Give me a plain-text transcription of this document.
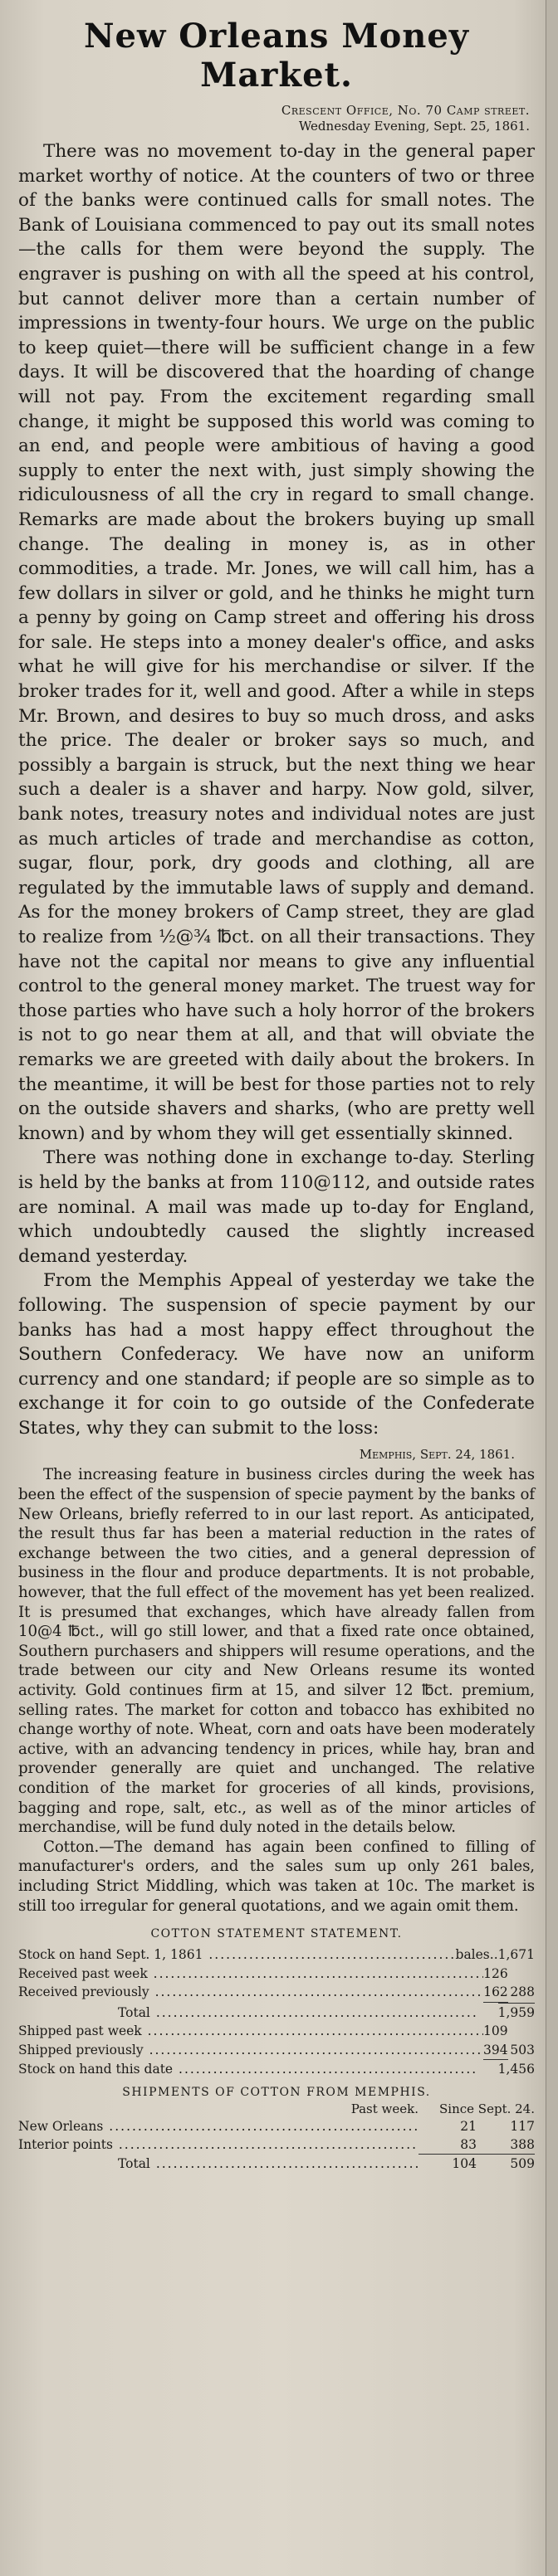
New Orleans Money Market.
Crescent Office, No. 70 Camp street.
Wednesday Evening, Sept. 25, 1861.

There was no movement to-day in the general paper market worthy of notice. At the counters of two or three of the banks were continued calls for small notes. The Bank of Louisiana commenced to pay out its small notes—the calls for them were beyond the supply. The engraver is pushing on with all the speed at his control, but cannot deliver more than a certain number of impressions in twenty-four hours. We urge on the public to keep quiet—there will be sufficient change in a few days. It will be discovered that the hoarding of change will not pay. From the excitement regarding small change, it might be supposed this world was coming to an end, and people were ambitious of having a good supply to enter the next with, just simply showing the ridiculousness of all the cry in regard to small change. Remarks are made about the brokers buying up small change. The dealing in money is, as in other commodities, a trade. Mr. Jones, we will call him, has a few dollars in silver or gold, and he thinks he might turn a penny by going on Camp street and offering his dross for sale. He steps into a money dealer's office, and asks what he will give for his merchandise or silver. If the broker trades for it, well and good. After a while in steps Mr. Brown, and desires to buy so much dross, and asks the price. The dealer or broker says so much, and possibly a bargain is struck, but the next thing we hear such a dealer is a shaver and harpy. Now gold, silver, bank notes, treasury notes and individual notes are just as much articles of trade and merchandise as cotton, sugar, flour, pork, dry goods and clothing, all are regulated by the immutable laws of supply and demand. As for the money brokers of Camp street, they are glad to realize from ½@¾ ℔ct. on all their transactions. They have not the capital nor means to give any influential control to the general money market. The truest way for those parties who have such a holy horror of the brokers is not to go near them at all, and that will obviate the remarks we are greeted with daily about the brokers. In the meantime, it will be best for those parties not to rely on the outside shavers and sharks, (who are pretty well known) and by whom they will get essentially skinned.

There was nothing done in exchange to-day. Sterling is held by the banks at from 110@112, and outside rates are nominal. A mail was made up to-day for England, which undoubtedly caused the slightly increased demand yesterday.

From the Memphis Appeal of yesterday we take the following. The suspension of specie payment by our banks has had a most happy effect throughout the Southern Confederacy. We have now an uniform currency and one standard; if people are so simple as to exchange it for coin to go outside of the Confederate States, why they can submit to the loss:

Memphis, Sept. 24, 1861.

The increasing feature in business circles during the week has been the effect of the suspension of specie payment by the banks of New Orleans, briefly referred to in our last report. As anticipated, the result thus far has been a material reduction in the rates of exchange between the two cities, and a general depression of business in the flour and produce departments. It is not probable, however, that the full effect of the movement has yet been realized. It is presumed that exchanges, which have already fallen from 10@4 ℔ct., will go still lower, and that a fixed rate once obtained, Southern purchasers and shippers will resume operations, and the trade between our city and New Orleans resume its wonted activity. Gold continues firm at 15, and silver 12 ℔ct. premium, selling rates. The market for cotton and tobacco has exhibited no change worthy of note. Wheat, corn and oats have been moderately active, with an advancing tendency in prices, while hay, bran and provender generally are quiet and unchanged. The relative condition of the market for groceries of all kinds, provisions, bagging and rope, salt, etc., as well as of the minor articles of merchandise, will be fund duly noted in the details below.

Cotton.—The demand has again been confined to filling of manufacturer's orders, and the sales sum up only 261 bales, including Strict Middling, which was taken at 10c. The market is still too irregular for general quotations, and we again omit them.

COTTON STATEMENT STATEMENT.
Stock on hand Sept. 1, 1861 .....	bales.. 1,671
Received past week .....	126
Received previously .....	162 288
Total .....	1,959
Shipped past week .....	109
Shipped previously .....	394 503
Stock on hand this date .....	1,456
SHIPMENTS OF COTTON FROM MEMPHIS.
Past week.	Since Sept. 24.
New Orleans .....	21	117
Interior points .....	83	388
Total .....	104	509
